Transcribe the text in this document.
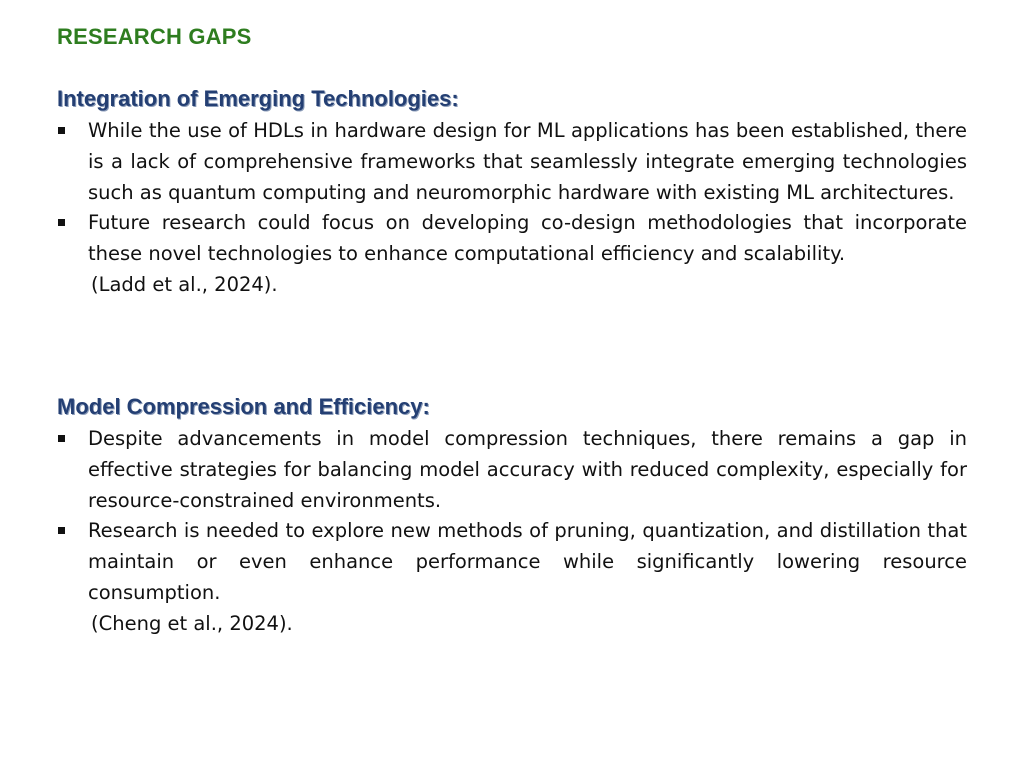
RESEARCH GAPS
Integration of Emerging Technologies:
While the use of HDLs in hardware design for ML applications has been established, there is a lack of comprehensive frameworks that seamlessly integrate emerging technologies such as quantum computing and neuromorphic hardware with existing ML architectures.
Future research could focus on developing co-design methodologies that incorporate these novel technologies to enhance computational efficiency and scalability.
(Ladd et al., 2024).
Model Compression and Efficiency:
Despite advancements in model compression techniques, there remains a gap in effective strategies for balancing model accuracy with reduced complexity, especially for resource-constrained environments.
Research is needed to explore new methods of pruning, quantization, and distillation that maintain or even enhance performance while significantly lowering resource consumption.
(Cheng et al., 2024).
